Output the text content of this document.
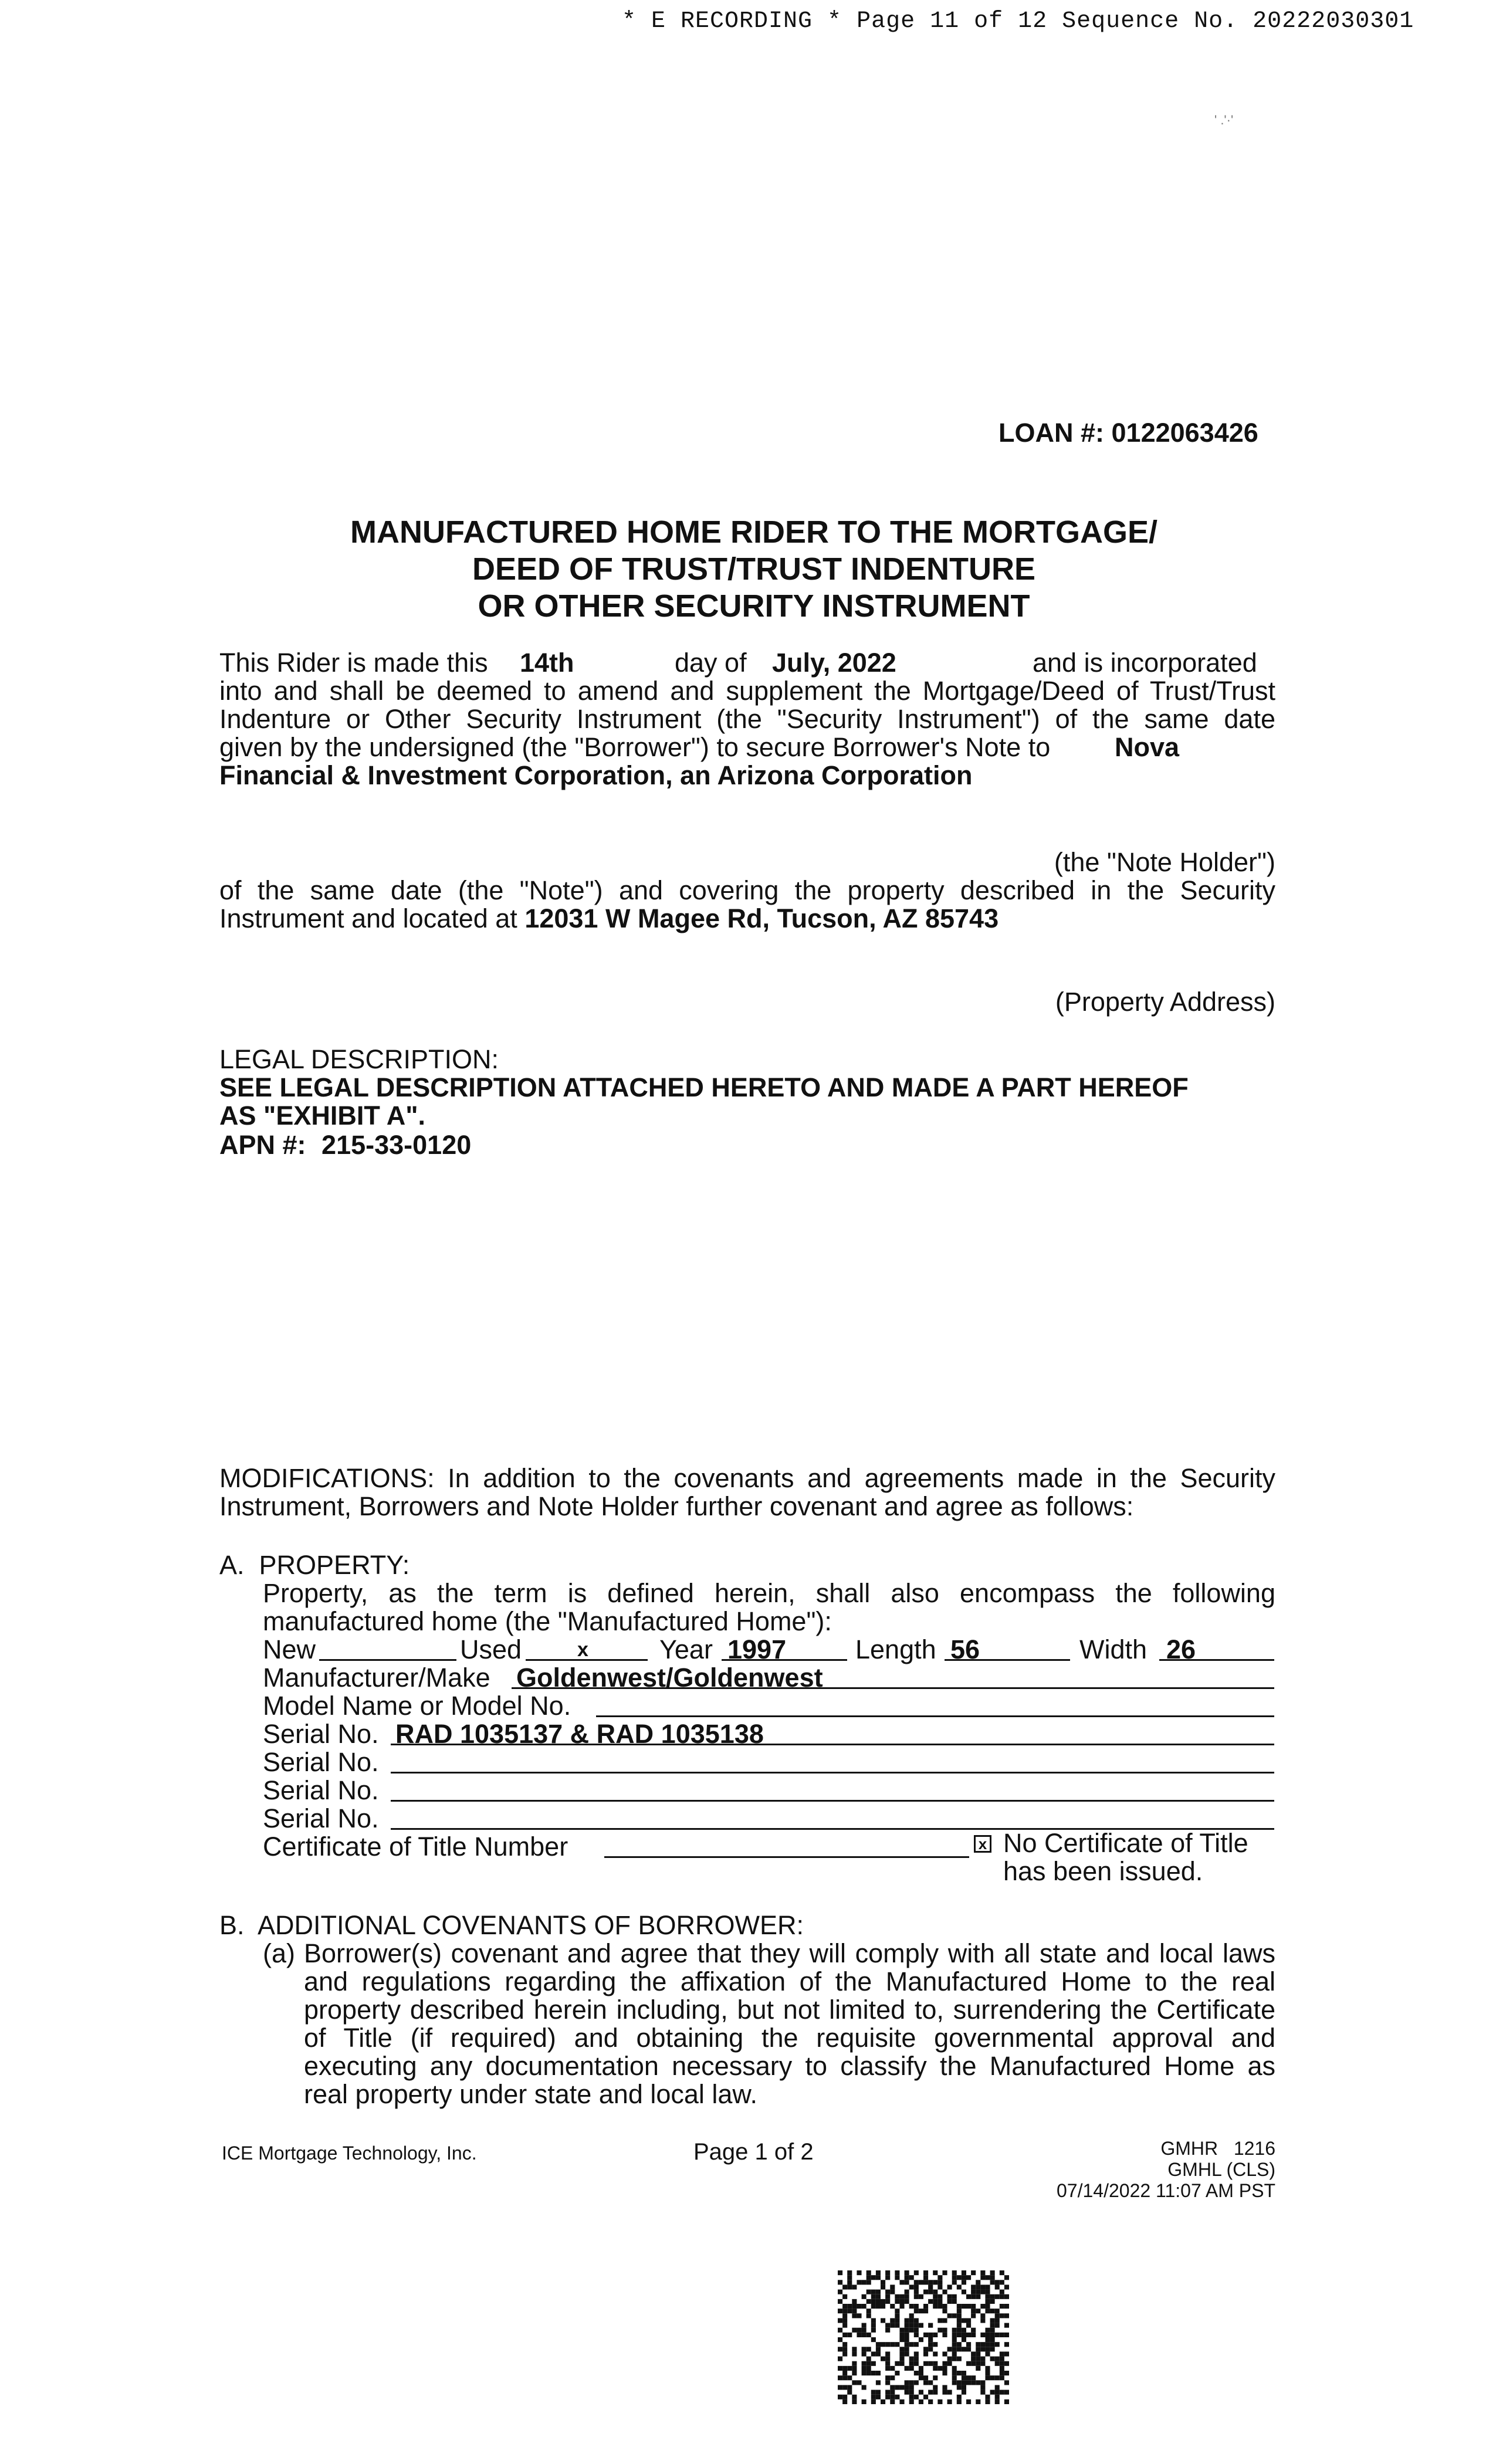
* E RECORDING * Page 11 of 12 Sequence No. 20222030301
' .'·'
LOAN #: 0122063426
MANUFACTURED HOME RIDER TO THE MORTGAGE/
DEED OF TRUST/TRUST INDENTURE
OR OTHER SECURITY INSTRUMENT
This Rider is made this 14th	day of July, 2022	and is incorporated
into and shall be deemed to amend and supplement the Mortgage/Deed of Trust/Trust
Indenture or Other Security Instrument (the "Security Instrument") of the same date
given by the undersigned (the "Borrower") to secure Borrower's Note to Nova
Financial & Investment Corporation, an Arizona Corporation
(the "Note Holder")
of the same date (the "Note") and covering the property described in the Security
Instrument and located at 12031 W Magee Rd, Tucson, AZ 85743
(Property Address)
LEGAL DESCRIPTION:
SEE LEGAL DESCRIPTION ATTACHED HERETO AND MADE A PART HEREOF
AS "EXHIBIT A".
APN #: 215-33-0120
MODIFICATIONS: In addition to the covenants and agreements made in the Security
Instrument, Borrowers and Note Holder further covenant and agree as follows:
A.  PROPERTY:
Property, as the term is defined herein, shall also encompass the following
manufactured home (the "Manufactured Home"):
New	Used	x	Year 1997	Length 56	Width 26
Manufacturer/Make Goldenwest/Goldenwest
Model Name or Model No.
Serial No. RAD 1035137 & RAD 1035138
Serial No.
Serial No.
Serial No.
Certificate of Title Number	x No Certificate of Title
has been issued.
B.  ADDITIONAL COVENANTS OF BORROWER:
(a) Borrower(s) covenant and agree that they will comply with all state and local laws
and regulations regarding the affixation of the Manufactured Home to the real
property described herein including, but not limited to, surrendering the Certificate
of Title (if required) and obtaining the requisite governmental approval and
executing any documentation necessary to classify the Manufactured Home as
real property under state and local law.
ICE Mortgage Technology, Inc.	Page 1 of 2	GMHR   1216
GMHL (CLS)
07/14/2022 11:07 AM PST
